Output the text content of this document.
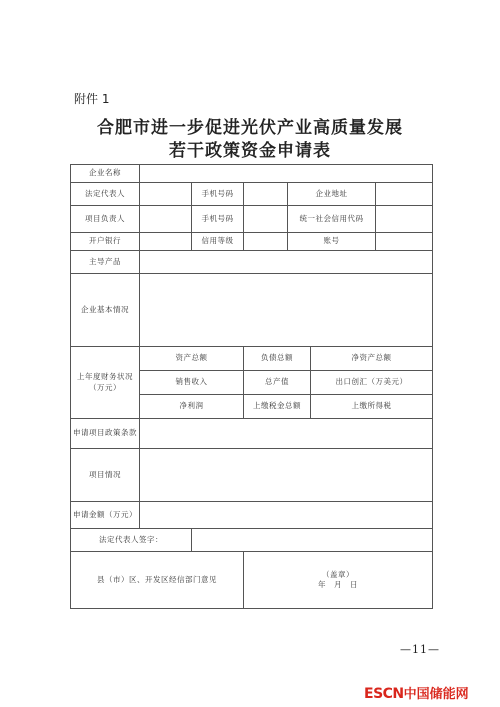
附件 1
合肥市进一步促进光伏产业高质量发展
若干政策资金申请表
企业名称						
法定代表人		手机号码		企业地址		
项目负责人		手机号码		统一社会信用代码		
开户银行		信用等级		账号		
主导产品						
企业基本情况						
上年度财务状况（万元）	资产总额		负债总额		净资产总额	
	销售收入		总产值		出口创汇（万美元）	
	净利润		上缴税金总额		上缴所得税	
申请项目政策条款						
项目情况						
申请金额（万元）						
法定代表人签字：						
县（市）区、开发区经信部门意见			（盖章）
年　月　日			
—11—
ESCN中国储能网
